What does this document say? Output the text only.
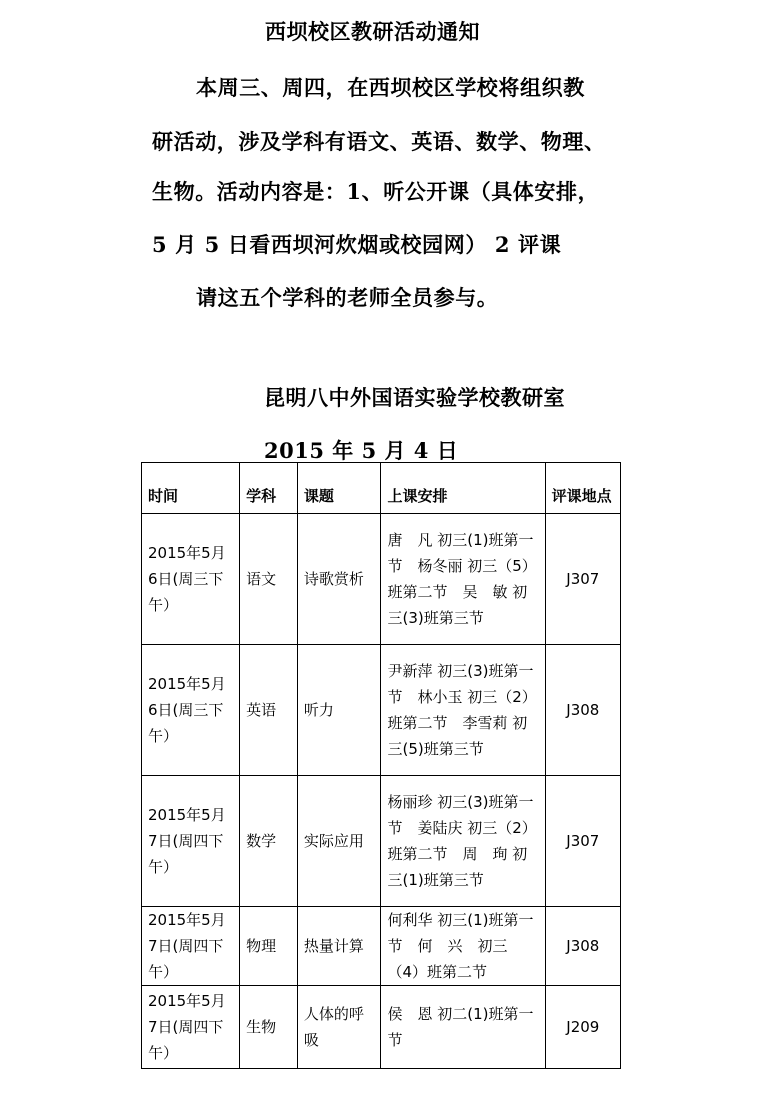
西坝校区教研活动通知
本周三、周四，在西坝校区学校将组织教
研活动，涉及学科有语文、英语、数学、物理、
生物。活动内容是：1、听公开课（具体安排，
5 月 5 日看西坝河炊烟或校园网） 2 评课
请这五个学科的老师全员参与。
昆明八中外国语实验学校教研室
2015 年 5 月 4 日
时间	学科	课题	上课安排	评课地点
2015年5月6日(周三下午）	语文	诗歌赏析	唐　凡 初三(1)班第一节　杨冬丽 初三（5）班第二节　吴　敏 初三(3)班第三节	J307
2015年5月6日(周三下午）	英语	听力	尹新萍 初三(3)班第一节　林小玉 初三（2）班第二节　李雪莉 初三(5)班第三节	J308
2015年5月7日(周四下午）	数学	实际应用	杨丽珍 初三(3)班第一节　姜陆庆 初三（2）班第二节　周　珣 初三(1)班第三节	J307
2015年5月7日(周四下午）	物理	热量计算	何利华 初三(1)班第一节　何　兴　初三（4）班第二节	J308
2015年5月7日(周四下午）	生物	人体的呼吸	侯　恩 初二(1)班第一节	J209
